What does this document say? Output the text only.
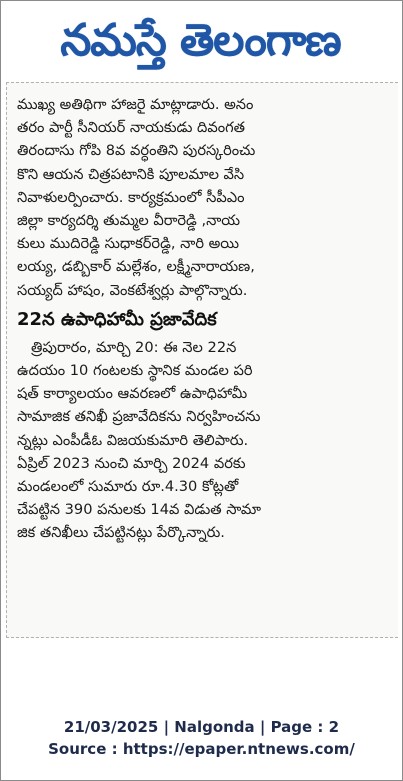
నమస్తే తెలంగాణ

ముఖ్య అతిథిగా హాజరై మాట్లాడారు. అనం
తరం పార్టీ సీనియర్ నాయకుడు దివంగత
తిరందాసు గోపి 8వ వర్ధంతిని పురస్కరించు
కొని ఆయన చిత్రపటానికి పూలమాల వేసి
నివాళులర్పించారు. కార్యక్రమంలో సీపీఎం
జిల్లా కార్యదర్శి తుమ్మల వీరారెడ్డి ,నాయ
కులు ముదిరెడ్డి సుధాకర్‌రెడ్డి, నారి అయి
లయ్య, డబ్బికార్ మల్లేశం, లక్ష్మీనారాయణ,
సయ్యద్ హాషం, వెంకటేశ్వర్లు పాల్గొన్నారు.

22న ఉపాధిహామీ ప్రజావేదిక

త్రిపురారం, మార్చి 20: ఈ నెల 22న
ఉదయం 10 గంటలకు స్థానిక మండల పరి
షత్ కార్యాలయం ఆవరణలో ఉపాధిహామీ
సామాజిక తనిఖీ ప్రజావేదికను నిర్వహించను
న్నట్లు ఎంపీడీఓ విజయకుమారి తెలిపారు.
ఏప్రిల్ 2023 నుంచి మార్చి 2024 వరకు
మండలంలో సుమారు రూ.4.30 కోట్లతో
చేపట్టిన 390 పనులకు 14వ విడుత సామా
జిక తనిఖీలు చేపట్టినట్లు పేర్కొన్నారు.

21/03/2025 | Nalgonda | Page : 2
Source : https://epaper.ntnews.com/
